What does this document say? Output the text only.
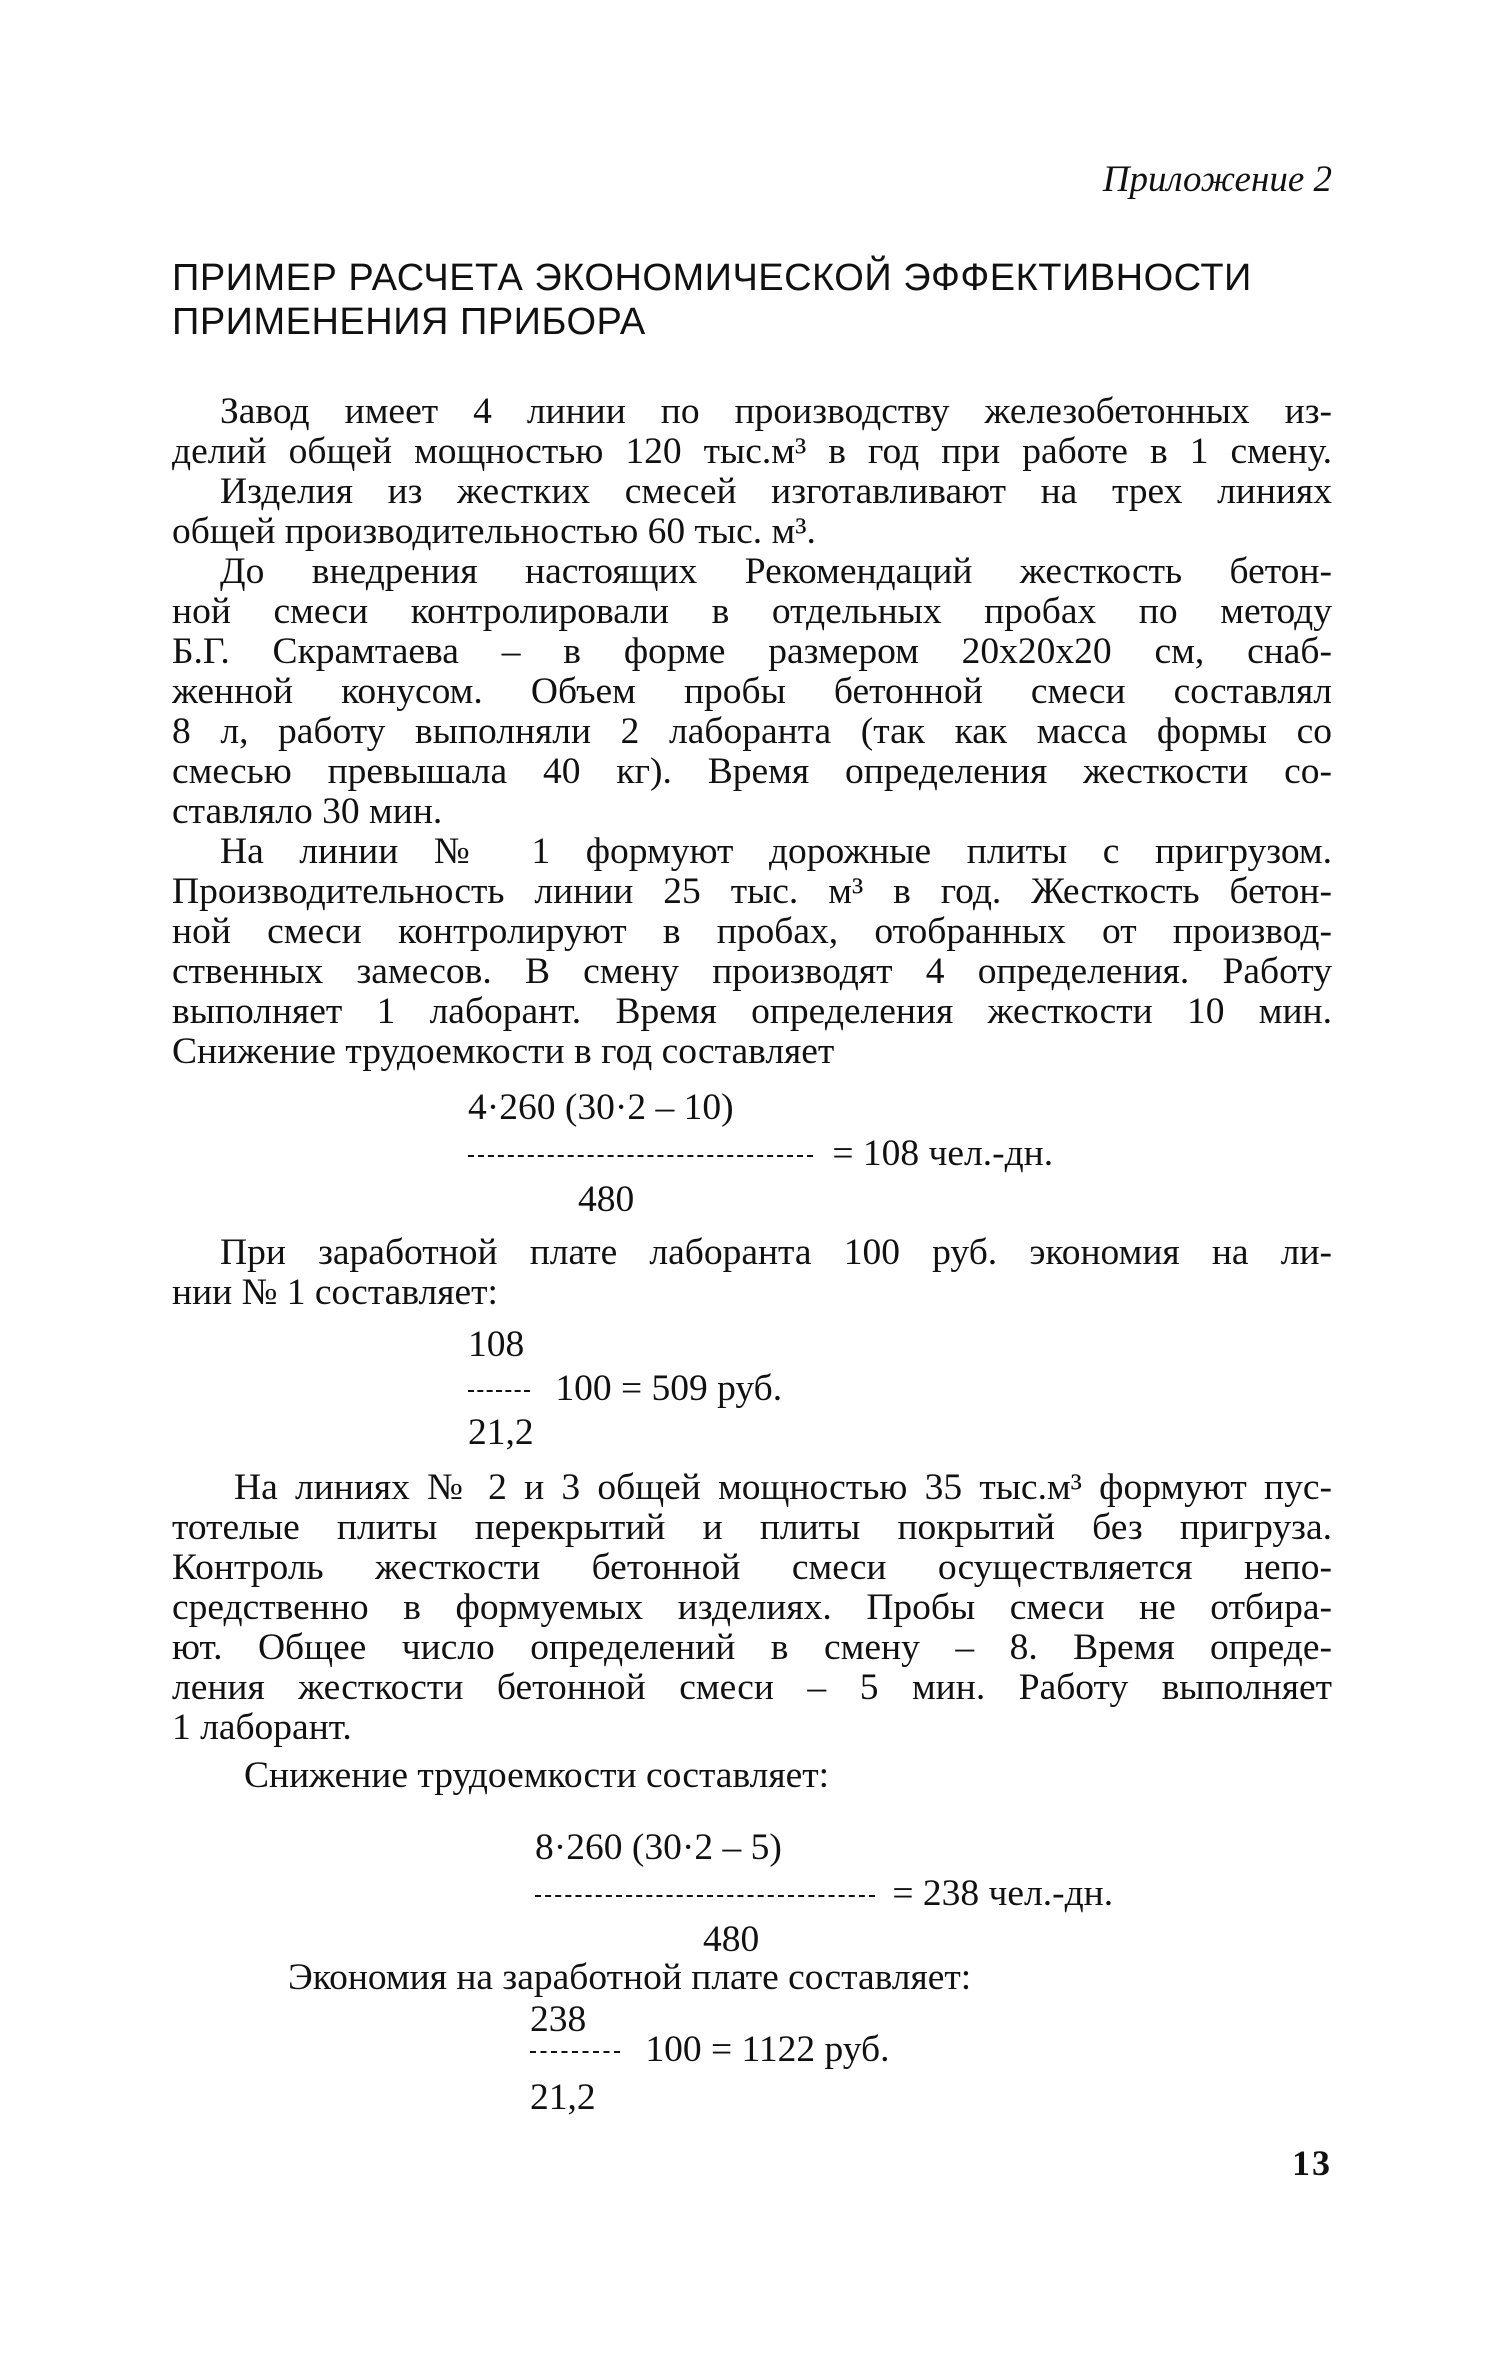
Приложение 2
ПРИМЕР РАСЧЕТА ЭКОНОМИЧЕСКОЙ ЭФФЕКТИВНОСТИ
ПРИМЕНЕНИЯ ПРИБОРА
Завод имеет 4 линии по производству железобетонных из-
делий общей мощностью 120 тыс.м³ в год при работе в 1 смену.
Изделия из жестких смесей изготавливают на трех линиях
общей производительностью 60 тыс. м³.
До внедрения настоящих Рекомендаций жесткость бетон-
ной смеси контролировали в отдельных пробах по методу
Б.Г. Скрамтаева – в форме размером 20х20х20 см, снаб-
женной конусом. Объем пробы бетонной смеси составлял
8 л, работу выполняли 2 лаборанта (так как масса формы со
смесью превышала 40 кг). Время определения жесткости со-
ставляло 30 мин.
На линии № 1 формуют дорожные плиты с пригрузом.
Производительность линии 25 тыс. м³ в год. Жесткость бетон-
ной смеси контролируют в пробах, отобранных от производ-
ственных замесов. В смену производят 4 определения. Работу
выполняет 1 лаборант. Время определения жесткости 10 мин.
Снижение трудоемкости в год составляет
4·260 (30·2 – 10)
= 108 чел.-дн.
480
При заработной плате лаборанта 100 руб. экономия на ли-
нии № 1 составляет:
108
100 = 509 руб.
21,2
На линиях № 2 и 3 общей мощностью 35 тыс.м³ формуют пус-
тотелые плиты перекрытий и плиты покрытий без пригруза.
Контроль жесткости бетонной смеси осуществляется непо-
средственно в формуемых изделиях. Пробы смеси не отбира-
ют. Общее число определений в смену – 8. Время опреде-
ления жесткости бетонной смеси – 5 мин. Работу выполняет
1 лаборант.
Снижение трудоемкости составляет:
8·260 (30·2 – 5)
= 238 чел.-дн.
480
Экономия на заработной плате составляет:
238
100 = 1122 руб.
21,2
13
